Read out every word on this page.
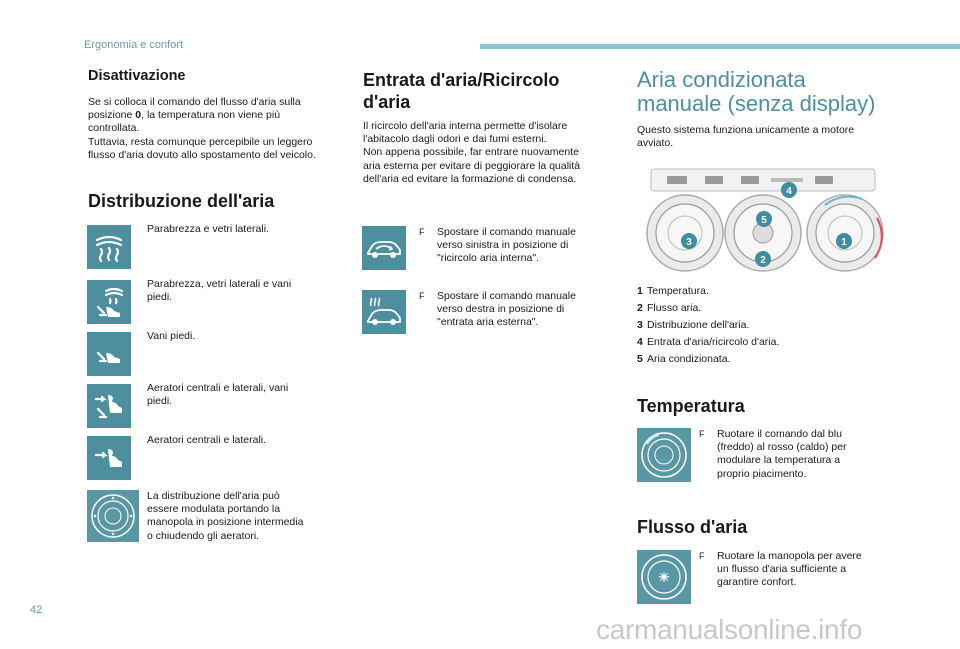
Ergonomia e confort
Disattivazione
Se si colloca il comando del flusso d'aria sulla
posizione 0, la temperatura non viene più
controllata.
Tuttavia, resta comunque percepibile un leggero
flusso d'aria dovuto allo spostamento del veicolo.
Distribuzione dell'aria
Parabrezza e vetri laterali.
Parabrezza, vetri laterali e vani
piedi.
Vani piedi.
Aeratori centrali e laterali, vani
piedi.
Aeratori centrali e laterali.
La distribuzione dell'aria può
essere modulata portando la
manopola in posizione intermedia
o chiudendo gli aeratori.
Entrata d'aria/Ricircolo
d'aria
Il ricircolo dell'aria interna permette d'isolare
l'abitacolo dagli odori e dai fumi esterni.
Non appena possibile, far entrare nuovamente
aria esterna per evitare di peggiorare la qualità
dell'aria ed evitare la formazione di condensa.
F Spostare il comando manuale
verso sinistra in posizione di
"ricircolo aria interna".
F Spostare il comando manuale
verso destra in posizione di
"entrata aria esterna".
Aria condizionata
manuale (senza display)
Questo sistema funziona unicamente a motore
avviato.
4
5
3
2
1
1 Temperatura.
2 Flusso aria.
3 Distribuzione dell'aria.
4 Entrata d'aria/ricircolo d'aria.
5 Aria condizionata.
Temperatura
F Ruotare il comando dal blu
(freddo) al rosso (caldo) per
modulare la temperatura a
proprio piacimento.
Flusso d'aria
F Ruotare la manopola per avere
un flusso d'aria sufficiente a
garantire confort.
42
carmanualsonline.info
